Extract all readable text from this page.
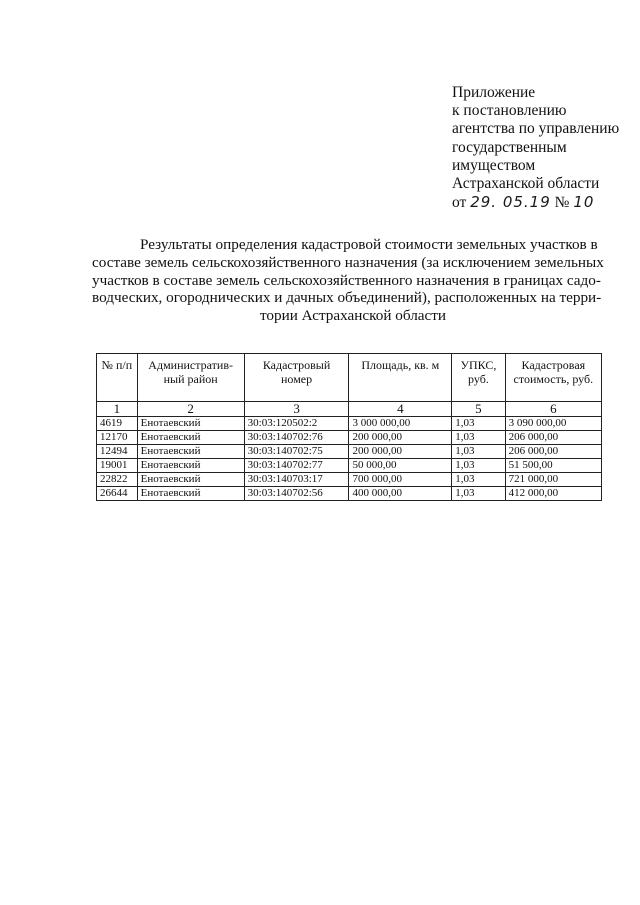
Приложение
к постановлению
агентства по управлению
государственным
имуществом
Астраханской области
от 29. 05.19 № 10
Результаты определения кадастровой стоимости земельных участков в
составе земель сельскохозяйственного назначения (за исключением земельных
участков в составе земель сельскохозяйственного назначения в границах садо-
водческих, огороднических и дачных объединений), расположенных на терри-
тории Астраханской области
№ п/п	Административ-ный район	Кадастровый номер	Площадь, кв. м	УПКС, руб.	Кадастровая стоимость, руб.
1	2	3	4	5	6
4619	Енотаевский	30:03:120502:2	3 000 000,00	1,03	3 090 000,00
12170	Енотаевский	30:03:140702:76	200 000,00	1,03	206 000,00
12494	Енотаевский	30:03:140702:75	200 000,00	1,03	206 000,00
19001	Енотаевский	30:03:140702:77	50 000,00	1,03	51 500,00
22822	Енотаевский	30:03:140703:17	700 000,00	1,03	721 000,00
26644	Енотаевский	30:03:140702:56	400 000,00	1,03	412 000,00
